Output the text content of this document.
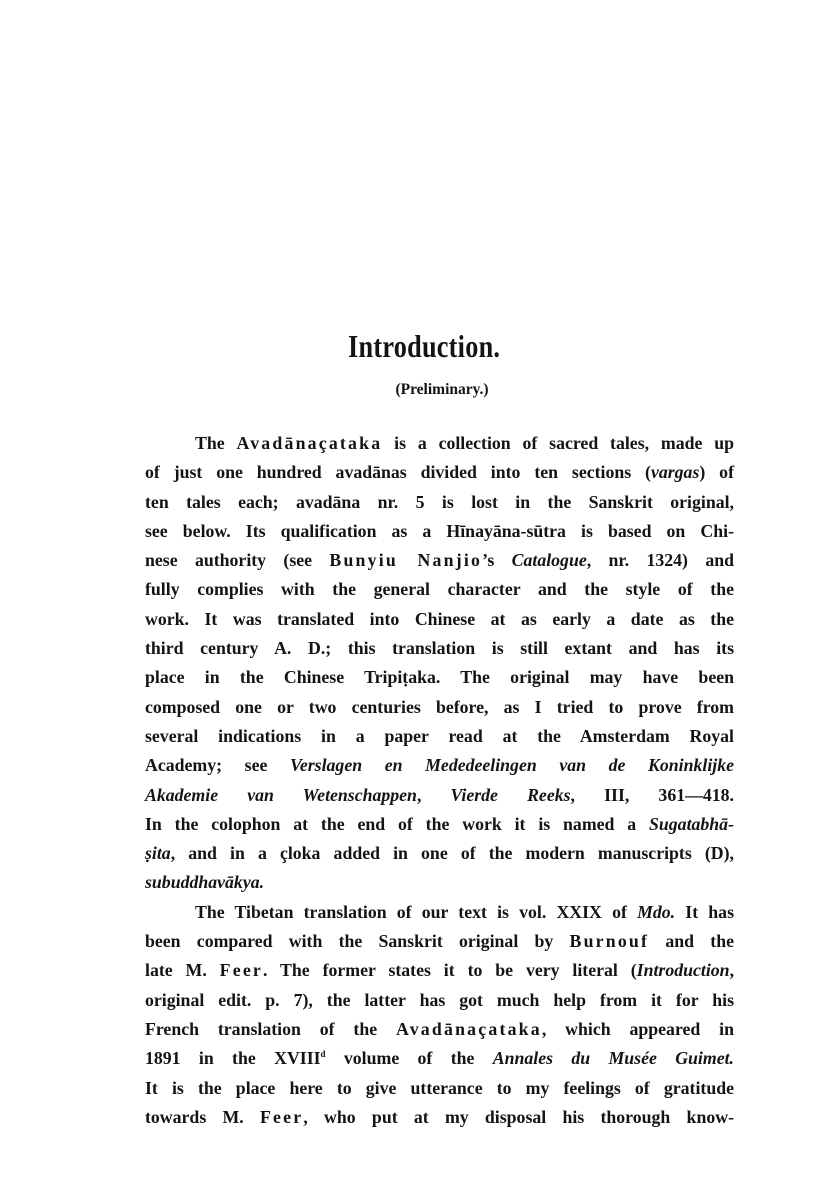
Introduction.
(Preliminary.)
The Avadānaçataka is a collection of sacred tales, made up
of just one hundred avadānas divided into ten sections (vargas) of
ten tales each; avadāna nr. 5 is lost in the Sanskrit original,
see below. Its qualification as a Hīnayāna-sūtra is based on Chi-
nese authority (see Bunyiu Nanjio’s Catalogue, nr. 1324) and
fully complies with the general character and the style of the
work. It was translated into Chinese at as early a date as the
third century A. D.; this translation is still extant and has its
place in the Chinese Tripiṭaka. The original may have been
composed one or two centuries before, as I tried to prove from
several indications in a paper read at the Amsterdam Royal
Academy; see Verslagen en Mededeelingen van de Koninklijke
Akademie van Wetenschappen, Vierde Reeks, III, 361—418.
In the colophon at the end of the work it is named a Sugatabhā-
ṣita, and in a çloka added in one of the modern manuscripts (D),
subuddhavākya.
The Tibetan translation of our text is vol. XXIX of Mdo. It has
been compared with the Sanskrit original by Burnouf and the
late M. Feer. The former states it to be very literal (Introduction,
original edit. p. 7), the latter has got much help from it for his
French translation of the Avadānaçataka, which appeared in
1891 in the XVIII$^d$ volume of the Annales du Musée Guimet.
It is the place here to give utterance to my feelings of gratitude
towards M. Feer, who put at my disposal his thorough know-
